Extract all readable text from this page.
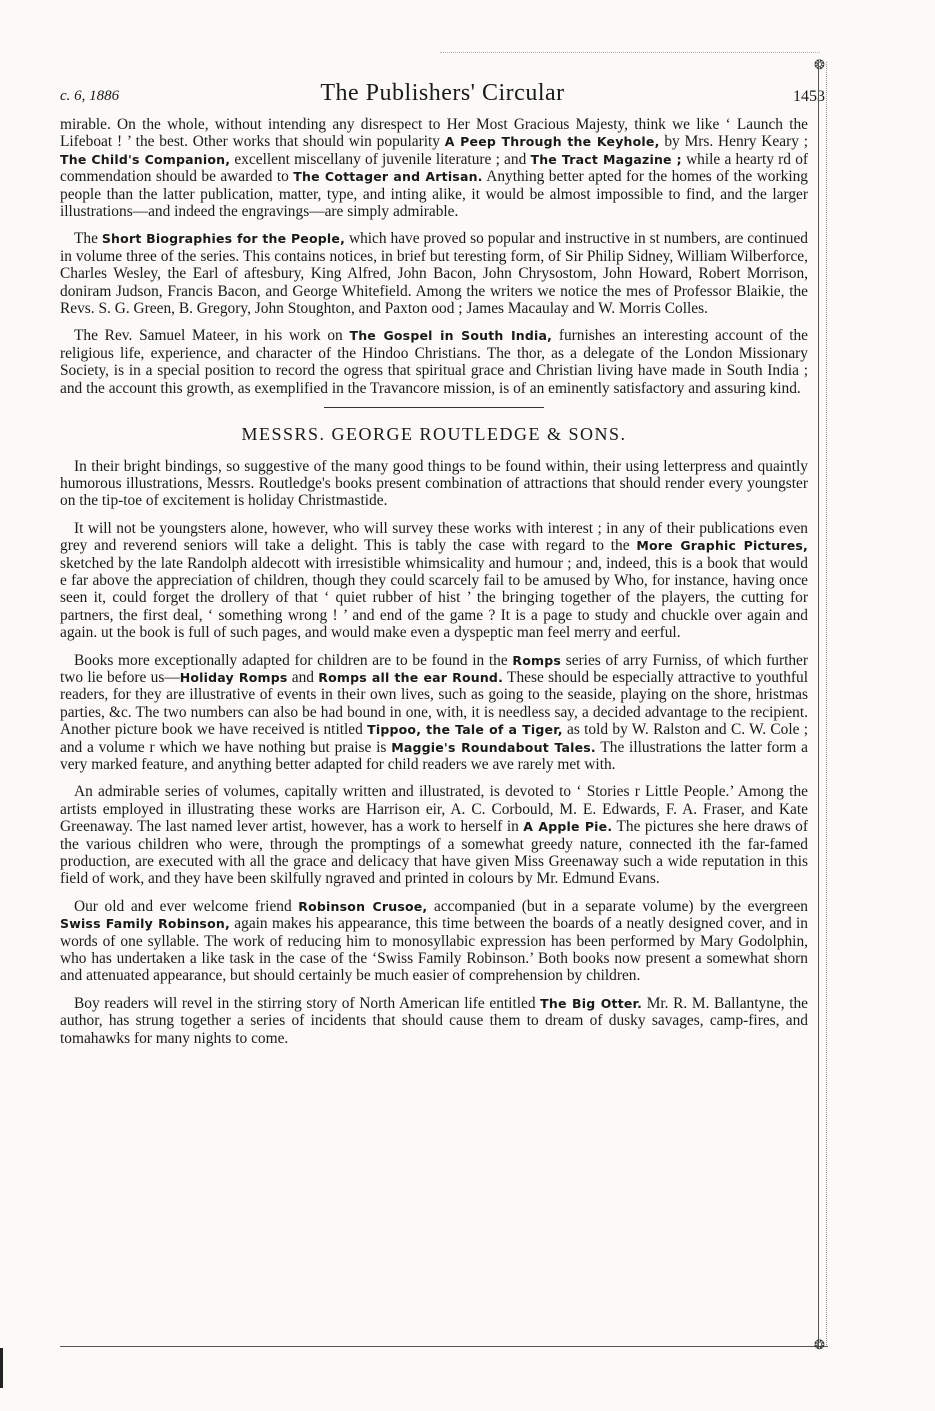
❂
c. 6, 1886	The Publishers' Circular	1453

mirable. On the whole, without intending any disrespect to Her Most Gracious Majesty, think we like ‘ Launch the Lifeboat ! ’ the best. Other works that should win popularity A Peep Through the Keyhole, by Mrs. Henry Keary ; The Child's Companion, excellent miscellany of juvenile literature ; and The Tract Magazine ; while a hearty rd of commendation should be awarded to The Cottager and Artisan. Anything better apted for the homes of the working people than the latter publication, matter, type, and inting alike, it would be almost impossible to find, and the larger illustrations—and indeed the engravings—are simply admirable.

The Short Biographies for the People, which have proved so popular and instructive in st numbers, are continued in volume three of the series. This contains notices, in brief but teresting form, of Sir Philip Sidney, William Wilberforce, Charles Wesley, the Earl of aftesbury, King Alfred, John Bacon, John Chrysostom, John Howard, Robert Morrison, doniram Judson, Francis Bacon, and George Whitefield. Among the writers we notice the mes of Professor Blaikie, the Revs. S. G. Green, B. Gregory, John Stoughton, and Paxton ood ; James Macaulay and W. Morris Colles.

The Rev. Samuel Mateer, in his work on The Gospel in South India, furnishes an interesting account of the religious life, experience, and character of the Hindoo Christians. The thor, as a delegate of the London Missionary Society, is in a special position to record the ogress that spiritual grace and Christian living have made in South India ; and the account this growth, as exemplified in the Travancore mission, is of an eminently satisfactory and assuring kind.

MESSRS. GEORGE ROUTLEDGE & SONS.

In their bright bindings, so suggestive of the many good things to be found within, their using letterpress and quaintly humorous illustrations, Messrs. Routledge's books present combination of attractions that should render every youngster on the tip-toe of excitement is holiday Christmastide.

It will not be youngsters alone, however, who will survey these works with interest ; in any of their publications even grey and reverend seniors will take a delight. This is tably the case with regard to the More Graphic Pictures, sketched by the late Randolph aldecott with irresistible whimsicality and humour ; and, indeed, this is a book that would e far above the appreciation of children, though they could scarcely fail to be amused by Who, for instance, having once seen it, could forget the drollery of that ‘ quiet rubber of hist ’ the bringing together of the players, the cutting for partners, the first deal, ‘ something wrong ! ’ and end of the game ? It is a page to study and chuckle over again and again. ut the book is full of such pages, and would make even a dyspeptic man feel merry and eerful.

Books more exceptionally adapted for children are to be found in the Romps series of arry Furniss, of which further two lie before us—Holiday Romps and Romps all the ear Round. These should be especially attractive to youthful readers, for they are illustrative of events in their own lives, such as going to the seaside, playing on the shore, hristmas parties, &c. The two numbers can also be had bound in one, with, it is needless say, a decided advantage to the recipient. Another picture book we have received is ntitled Tippoo, the Tale of a Tiger, as told by W. Ralston and C. W. Cole ; and a volume r which we have nothing but praise is Maggie's Roundabout Tales. The illustrations the latter form a very marked feature, and anything better adapted for child readers we ave rarely met with.

An admirable series of volumes, capitally written and illustrated, is devoted to ‘ Stories r Little People.’ Among the artists employed in illustrating these works are Harrison eir, A. C. Corbould, M. E. Edwards, F. A. Fraser, and Kate Greenaway. The last named lever artist, however, has a work to herself in A Apple Pie. The pictures she here draws of the various children who were, through the promptings of a somewhat greedy nature, connected ith the far-famed production, are executed with all the grace and delicacy that have given Miss Greenaway such a wide reputation in this field of work, and they have been skilfully ngraved and printed in colours by Mr. Edmund Evans.

Our old and ever welcome friend Robinson Crusoe, accompanied (but in a separate volume) by the evergreen Swiss Family Robinson, again makes his appearance, this time between the boards of a neatly designed cover, and in words of one syllable. The work of reducing him to monosyllabic expression has been performed by Mary Godolphin, who has undertaken a like task in the case of the ‘Swiss Family Robinson.’ Both books now present a somewhat shorn and attenuated appearance, but should certainly be much easier of comprehension by children.

Boy readers will revel in the stirring story of North American life entitled The Big Otter. Mr. R. M. Ballantyne, the author, has strung together a series of incidents that should cause them to dream of dusky savages, camp-fires, and tomahawks for many nights to come.

❂
